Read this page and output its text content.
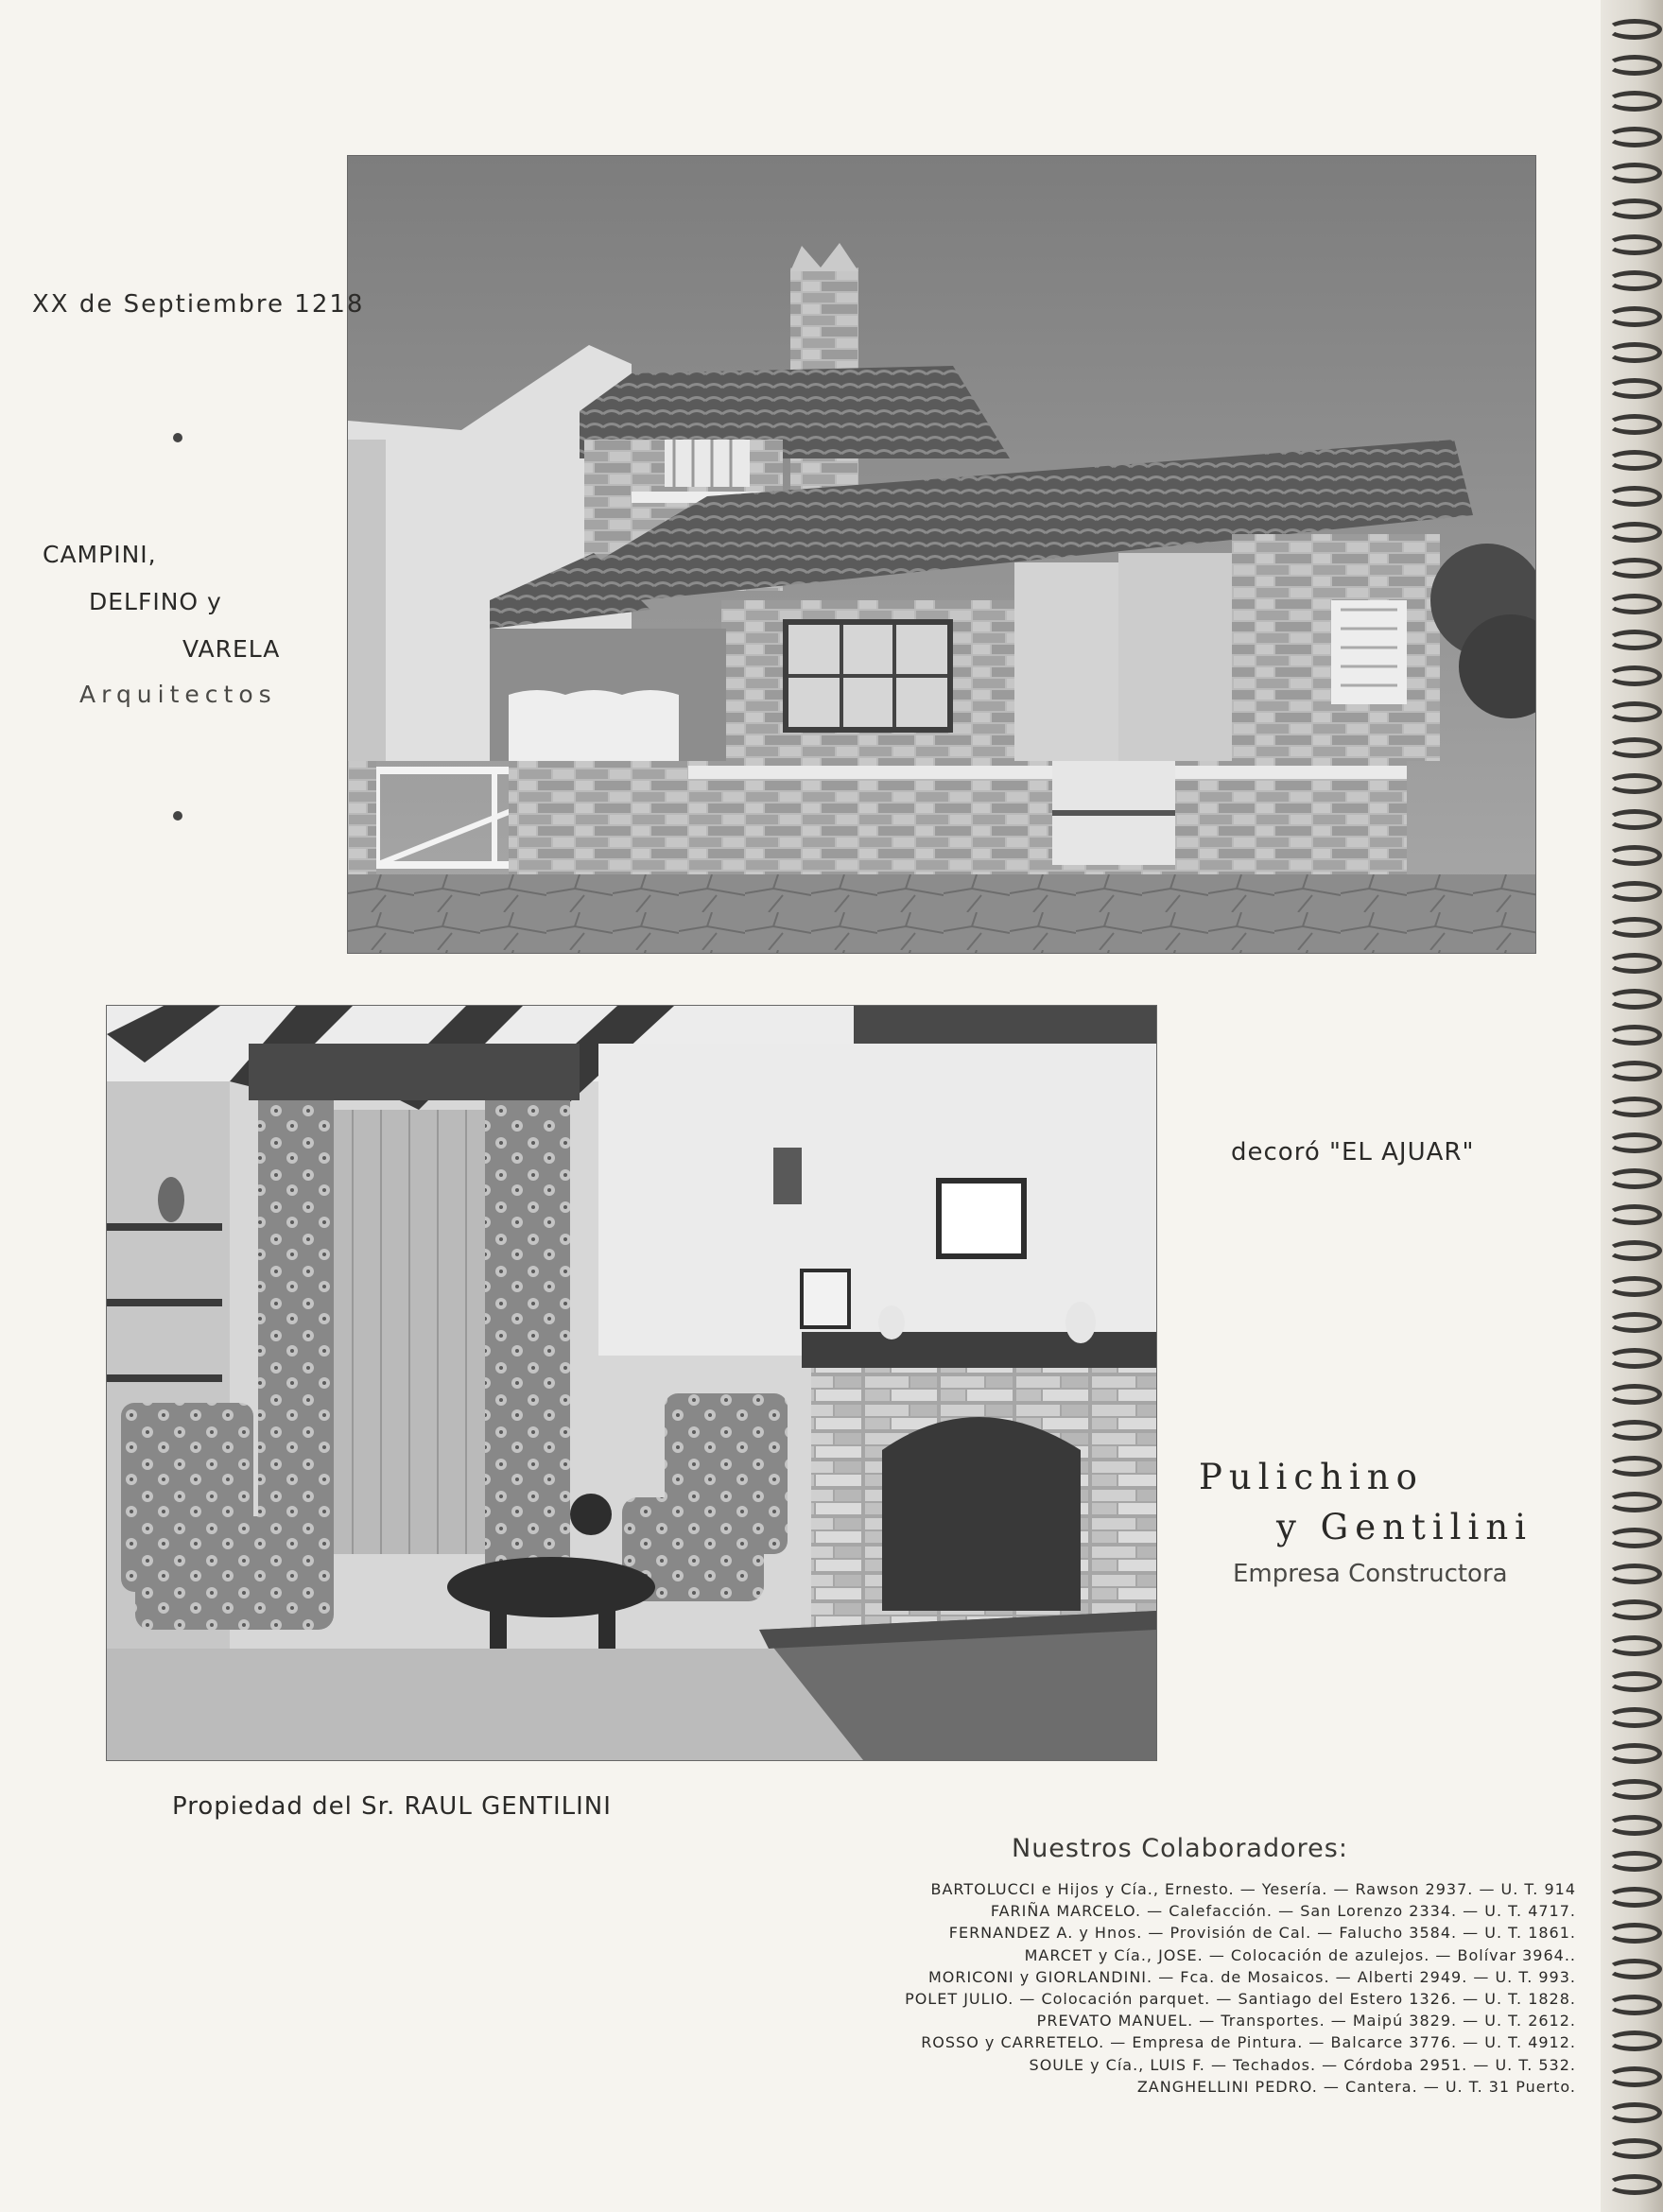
XX de Septiembre 1218
CAMPINI,
DELFINO y
VARELA
Arquitectos
decoró "EL AJUAR"
Pulichino
y Gentilini
Empresa Constructora
Propiedad del Sr. RAUL GENTILINI
Nuestros Colaboradores:
BARTOLUCCI e Hijos y Cía., Ernesto. — Yesería. — Rawson 2937. — U. T. 914
FARIÑA MARCELO. — Calefacción. — San Lorenzo 2334. — U. T. 4717.
FERNANDEZ A. y Hnos. — Provisión de Cal. — Falucho 3584. — U. T. 1861.
MARCET y Cía., JOSE. — Colocación de azulejos. — Bolívar 3964..
MORICONI y GIORLANDINI. — Fca. de Mosaicos. — Alberti 2949. — U. T. 993.
POLET JULIO. — Colocación parquet. — Santiago del Estero 1326. — U. T. 1828.
PREVATO MANUEL. — Transportes. — Maipú 3829. — U. T. 2612.
ROSSO y CARRETELO. — Empresa de Pintura. — Balcarce 3776. — U. T. 4912.
SOULE y Cía., LUIS F. — Techados. — Córdoba 2951. — U. T. 532.
ZANGHELLINI PEDRO. — Cantera. — U. T. 31 Puerto.
